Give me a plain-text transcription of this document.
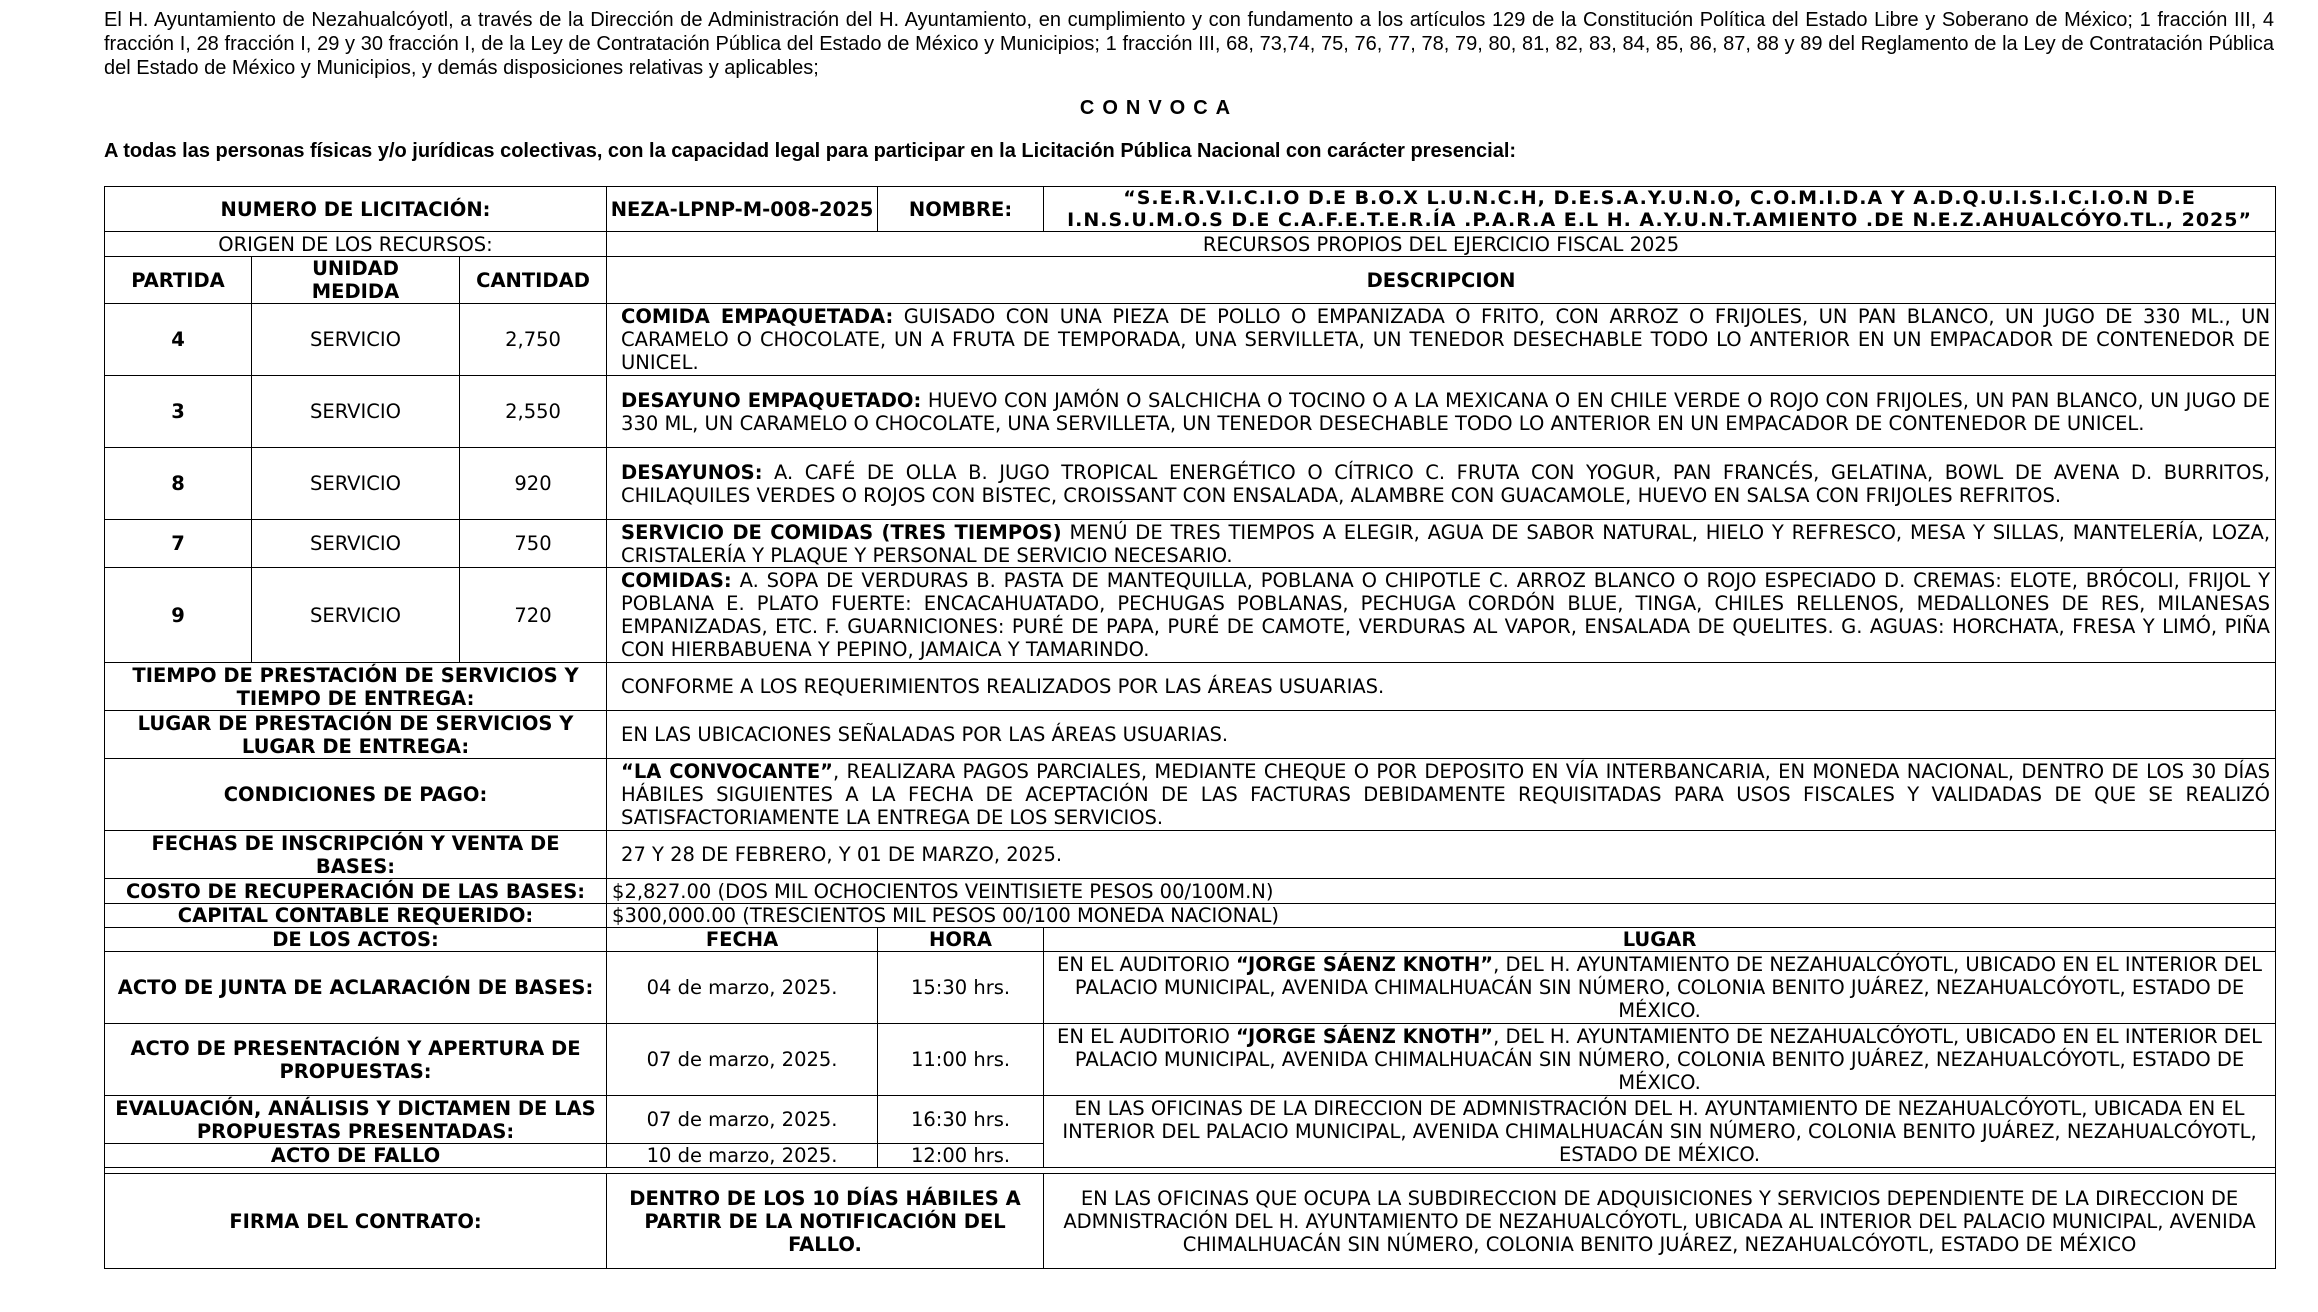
El H. Ayuntamiento de Nezahualcóyotl, a través de la Dirección de Administración del H. Ayuntamiento, en cumplimiento y con fundamento a los artículos 129 de la Constitución Política del Estado Libre y Soberano de México; 1 fracción III, 4 fracción I, 28 fracción I, 29 y 30 fracción I, de la Ley de Contratación Pública del Estado de México y Municipios; 1 fracción III, 68, 73,74, 75, 76, 77, 78, 79, 80, 81, 82, 83, 84, 85, 86, 87, 88 y 89 del Reglamento de la Ley de Contratación Pública del Estado de México y Municipios, y demás disposiciones relativas y aplicables;
CONVOCA
A todas las personas físicas y/o jurídicas colectivas, con la capacidad legal para participar en la Licitación Pública Nacional con carácter presencial:
NUMERO DE LICITACIÓN:			NEZA-LPNP-M-008-2025	NOMBRE:	“S.E.R.V.I.C.I.O D.E B.O.X L.U.N.C.H, D.E.S.A.Y.U.N.O, C.O.M.I.D.A Y A.D.Q.U.I.S.I.C.I.O.N D.E I.N.S.U.M.O.S D.E C.A.F.E.T.E.R.ÍA .P.A.R.A E.L H. A.Y.U.N.T.AMIENTO .DE N.E.Z.AHUALCÓYO.TL., 2025”
ORIGEN DE LOS RECURSOS:			RECURSOS PROPIOS DEL EJERCICIO FISCAL 2025		
PARTIDA	UNIDAD MEDIDA	CANTIDAD	DESCRIPCION		
4	SERVICIO	2,750	COMIDA EMPAQUETADA: GUISADO CON UNA PIEZA DE POLLO O EMPANIZADA O FRITO, CON ARROZ O FRIJOLES, UN PAN BLANCO, UN JUGO DE 330 ML., UN CARAMELO O CHOCOLATE, UN A FRUTA DE TEMPORADA, UNA SERVILLETA, UN TENEDOR DESECHABLE TODO LO ANTERIOR EN UN EMPACADOR DE CONTENEDOR DE UNICEL.		
3	SERVICIO	2,550	DESAYUNO EMPAQUETADO: HUEVO CON JAMÓN O SALCHICHA O TOCINO O A LA MEXICANA O EN CHILE VERDE O ROJO CON FRIJOLES, UN PAN BLANCO, UN JUGO DE 330 ML, UN CARAMELO O CHOCOLATE, UNA SERVILLETA, UN TENEDOR DESECHABLE TODO LO ANTERIOR EN UN EMPACADOR DE CONTENEDOR DE UNICEL.		
8	SERVICIO	920	DESAYUNOS: A. CAFÉ DE OLLA B. JUGO TROPICAL ENERGÉTICO O CÍTRICO C. FRUTA CON YOGUR, PAN FRANCÉS, GELATINA, BOWL DE AVENA D. BURRITOS, CHILAQUILES VERDES O ROJOS CON BISTEC, CROISSANT CON ENSALADA, ALAMBRE CON GUACAMOLE, HUEVO EN SALSA CON FRIJOLES REFRITOS.		
7	SERVICIO	750	SERVICIO DE COMIDAS (TRES TIEMPOS) MENÚ DE TRES TIEMPOS A ELEGIR, AGUA DE SABOR NATURAL, HIELO Y REFRESCO, MESA Y SILLAS, MANTELERÍA, LOZA, CRISTALERÍA Y PLAQUE Y PERSONAL DE SERVICIO NECESARIO.		
9	SERVICIO	720	COMIDAS: A. SOPA DE VERDURAS B. PASTA DE MANTEQUILLA, POBLANA O CHIPOTLE C. ARROZ BLANCO O ROJO ESPECIADO D. CREMAS: ELOTE, BRÓCOLI, FRIJOL Y POBLANA E. PLATO FUERTE: ENCACAHUATADO, PECHUGAS POBLANAS, PECHUGA CORDÓN BLUE, TINGA, CHILES RELLENOS, MEDALLONES DE RES, MILANESAS EMPANIZADAS, ETC. F. GUARNICIONES: PURÉ DE PAPA, PURÉ DE CAMOTE, VERDURAS AL VAPOR, ENSALADA DE QUELITES. G. AGUAS: HORCHATA, FRESA Y LIMÓ, PIÑA CON HIERBABUENA Y PEPINO, JAMAICA Y TAMARINDO.		
TIEMPO DE PRESTACIÓN DE SERVICIOS Y TIEMPO DE ENTREGA:			CONFORME A LOS REQUERIMIENTOS REALIZADOS POR LAS ÁREAS USUARIAS.		
LUGAR DE PRESTACIÓN DE SERVICIOS Y LUGAR DE ENTREGA:			EN LAS UBICACIONES SEÑALADAS POR LAS ÁREAS USUARIAS.		
CONDICIONES DE PAGO:			“LA CONVOCANTE”, REALIZARA PAGOS PARCIALES, MEDIANTE CHEQUE O POR DEPOSITO EN VÍA INTERBANCARIA, EN MONEDA NACIONAL, DENTRO DE LOS 30 DÍAS HÁBILES SIGUIENTES A LA FECHA DE ACEPTACIÓN DE LAS FACTURAS DEBIDAMENTE REQUISITADAS PARA USOS FISCALES Y VALIDADAS DE QUE SE REALIZÓ SATISFACTORIAMENTE LA ENTREGA DE LOS SERVICIOS.		
FECHAS DE INSCRIPCIÓN Y VENTA DE BASES:			27 Y 28 DE FEBRERO, Y 01 DE MARZO, 2025.		
COSTO DE RECUPERACIÓN DE LAS BASES:			$2,827.00 (DOS MIL OCHOCIENTOS VEINTISIETE PESOS 00/100M.N)		
CAPITAL CONTABLE REQUERIDO:			$300,000.00 (TRESCIENTOS MIL PESOS 00/100 MONEDA NACIONAL)		
DE LOS ACTOS:			FECHA	HORA	LUGAR
ACTO DE JUNTA DE ACLARACIÓN DE BASES:			04 de marzo, 2025.	15:30 hrs.	EN EL AUDITORIO “JORGE SÁENZ KNOTH”, DEL H. AYUNTAMIENTO DE NEZAHUALCÓYOTL, UBICADO EN EL INTERIOR DEL PALACIO MUNICIPAL, AVENIDA CHIMALHUACÁN SIN NÚMERO, COLONIA BENITO JUÁREZ, NEZAHUALCÓYOTL, ESTADO DE MÉXICO.
ACTO DE PRESENTACIÓN Y APERTURA DE PROPUESTAS:			07 de marzo, 2025.	11:00 hrs.	EN EL AUDITORIO “JORGE SÁENZ KNOTH”, DEL H. AYUNTAMIENTO DE NEZAHUALCÓYOTL, UBICADO EN EL INTERIOR DEL PALACIO MUNICIPAL, AVENIDA CHIMALHUACÁN SIN NÚMERO, COLONIA BENITO JUÁREZ, NEZAHUALCÓYOTL, ESTADO DE MÉXICO.
EVALUACIÓN, ANÁLISIS Y DICTAMEN DE LAS PROPUESTAS PRESENTADAS:			07 de marzo, 2025.	16:30 hrs.	EN LAS OFICINAS DE LA DIRECCION DE ADMNISTRACIÓN DEL H. AYUNTAMIENTO DE NEZAHUALCÓYOTL, UBICADA EN EL INTERIOR DEL PALACIO MUNICIPAL, AVENIDA CHIMALHUACÁN SIN NÚMERO, COLONIA BENITO JUÁREZ, NEZAHUALCÓYOTL, ESTADO DE MÉXICO.
ACTO DE FALLO			10 de marzo, 2025.	12:00 hrs.	

FIRMA DEL CONTRATO:			DENTRO DE LOS 10 DÍAS HÁBILES A PARTIR DE LA NOTIFICACIÓN DEL FALLO.		EN LAS OFICINAS QUE OCUPA LA SUBDIRECCION DE ADQUISICIONES Y SERVICIOS DEPENDIENTE DE LA DIRECCION DE ADMNISTRACIÓN DEL H. AYUNTAMIENTO DE NEZAHUALCÓYOTL, UBICADA AL INTERIOR DEL PALACIO MUNICIPAL, AVENIDA CHIMALHUACÁN SIN NÚMERO, COLONIA BENITO JUÁREZ, NEZAHUALCÓYOTL, ESTADO DE MÉXICO
